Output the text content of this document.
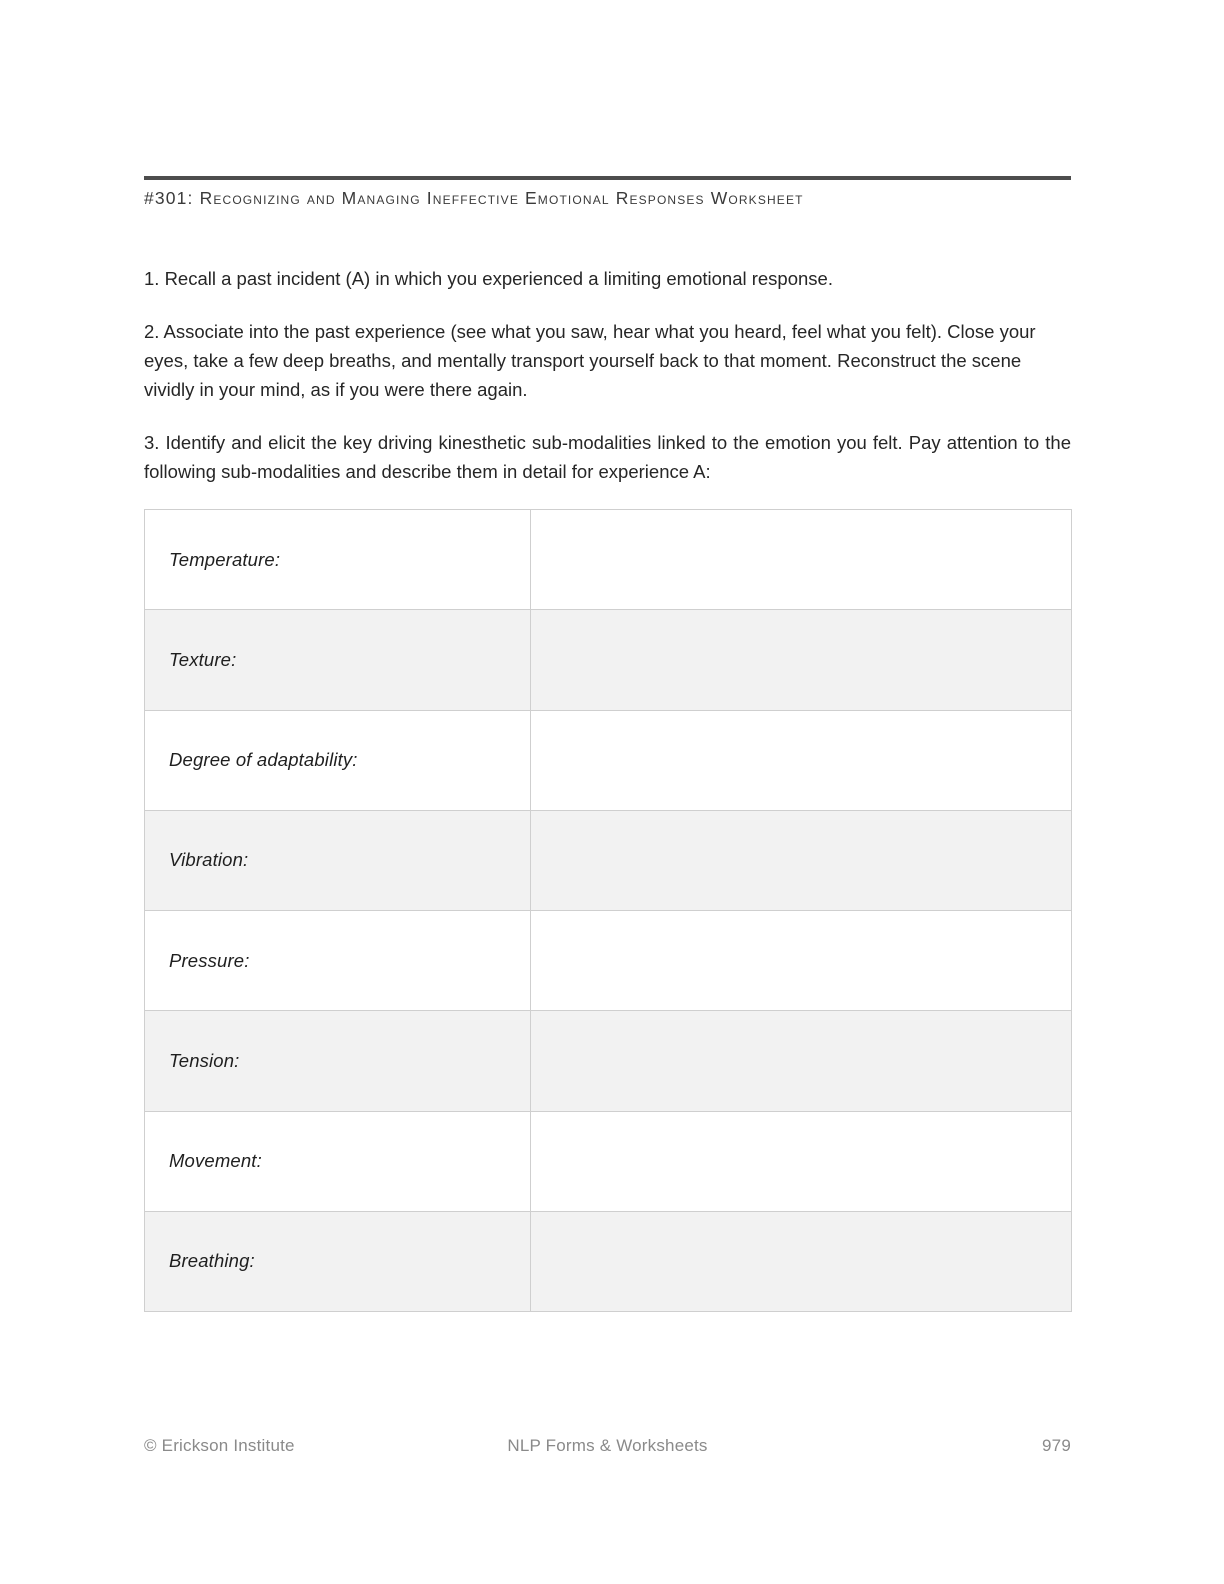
#301: Recognizing and Managing Ineffective Emotional Responses Worksheet

1. Recall a past incident (A) in which you experienced a limiting emotional response.

2. Associate into the past experience (see what you saw, hear what you heard, feel what you felt). Close your eyes, take a few deep breaths, and mentally transport yourself back to that moment. Reconstruct the scene vividly in your mind, as if you were there again.

3. Identify and elicit the key driving kinesthetic sub-modalities linked to the emotion you felt. Pay attention to the following sub-modalities and describe them in detail for experience A:

Temperature:	
Texture:	
Degree of adaptability:	
Vibration:	
Pressure:	
Tension:	
Movement:	
Breathing:	
© Erickson Institute	NLP Forms & Worksheets	979
